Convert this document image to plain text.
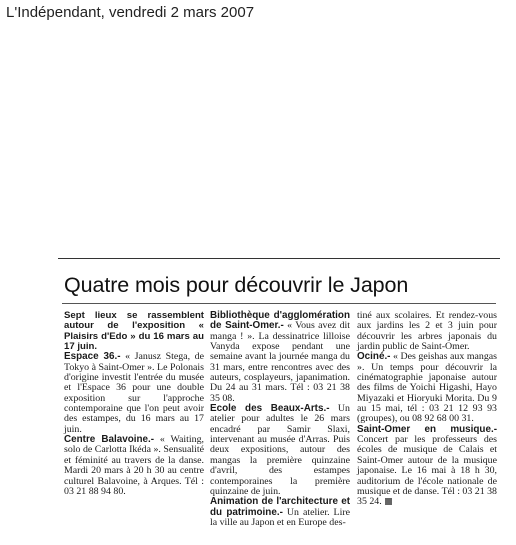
L'Indépendant, vendredi 2 mars 2007
Quatre mois pour découvrir le Japon

Sept lieux se rassemblent autour de l'exposition « Plaisirs d'Edo » du 16 mars au 17 juin.

Espace 36.- « Janusz Stega, de Tokyo à Saint-Omer ». Le Polonais d'origine investit l'entrée du musée et l'Espace 36 pour une double exposition sur l'approche contemporaine que l'on peut avoir des estampes, du 16 mars au 17 juin.

Centre Balavoine.- « Waiting, solo de Carlotta Ikéda ». Sensualité et féminité au travers de la danse. Mardi 20 mars à 20 h 30 au centre culturel Balavoine, à Arques. Tél : 03 21 88 94 80.

Bibliothèque d'agglomération de Saint-Omer.- « Vous avez dit manga ! ». La dessinatrice lilloise Vanyda expose pendant une semaine avant la journée manga du 31 mars, entre rencontres avec des auteurs, cosplayeurs, japanimation. Du 24 au 31 mars. Tél : 03 21 38 35 08.

Ecole des Beaux-Arts.- Un atelier pour adultes le 26 mars encadré par Samir Slaxi, intervenant au musée d'Arras. Puis deux expositions, autour des mangas la première quinzaine d'avril, des estampes contemporaines la première quinzaine de juin.

Animation de l'architecture et du patrimoine.- Un atelier. Lire la ville au Japon et en Europe des-

tiné aux scolaires. Et rendez-vous aux jardins les 2 et 3 juin pour découvrir les arbres japonais du jardin public de Saint-Omer.

Ociné.- « Des geishas aux mangas ». Un temps pour découvrir la cinématographie japonaise autour des films de Yoichi Higashi, Hayo Miyazaki et Hioryuki Morita. Du 9 au 15 mai, tél : 03 21 12 93 93 (groupes), ou 08 92 68 00 31.

Saint-Omer en musique.- Concert par les professeurs des écoles de musique de Calais et Saint-Omer autour de la musique japonaise. Le 16 mai à 18 h 30, auditorium de l'école nationale de musique et de danse. Tél : 03 21 38 35 24.
